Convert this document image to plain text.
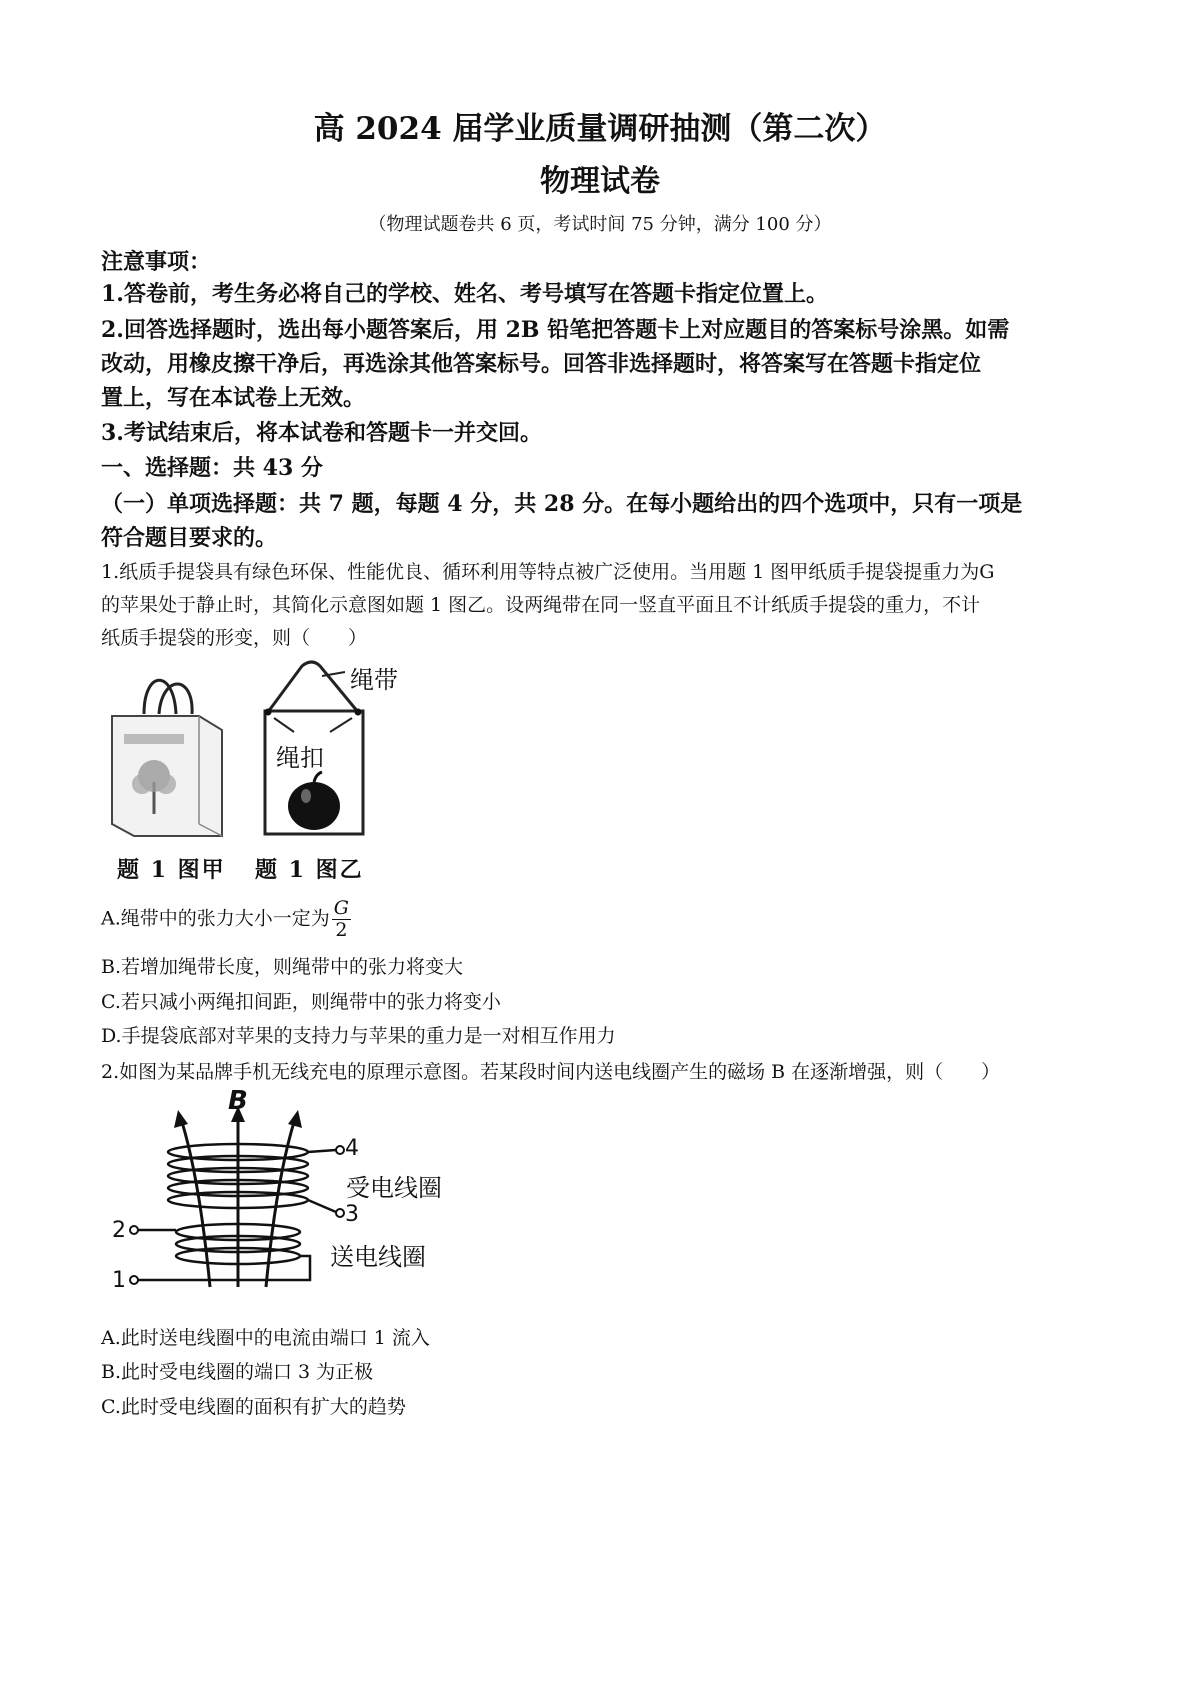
高 2024 届学业质量调研抽测（第二次）
物理试卷
（物理试题卷共 6 页，考试时间 75 分钟，满分 100 分）
注意事项：
1.答卷前，考生务必将自己的学校、姓名、考号填写在答题卡指定位置上。
2.回答选择题时，选出每小题答案后，用 2B 铅笔把答题卡上对应题目的答案标号涂黑。如需
改动，用橡皮擦干净后，再选涂其他答案标号。回答非选择题时，将答案写在答题卡指定位
置上，写在本试卷上无效。
3.考试结束后，将本试卷和答题卡一并交回。
一、选择题：共 43 分
（一）单项选择题：共 7 题，每题 4 分，共 28 分。在每小题给出的四个选项中，只有一项是
符合题目要求的。
1.纸质手提袋具有绿色环保、性能优良、循环利用等特点被广泛使用。当用题 1 图甲纸质手提袋提重力为G
的苹果处于静止时，其简化示意图如题 1 图乙。设两绳带在同一竖直平面且不计纸质手提袋的重力，不计
纸质手提袋的形变，则（　　）
绳带
绳扣
题 1 图甲 题 1 图乙
A.绳带中的张力大小一定为 $\frac{G}{2}$
B.若增加绳带长度，则绳带中的张力将变大
C.若只减小两绳扣间距，则绳带中的张力将变小
D.手提袋底部对苹果的支持力与苹果的重力是一对相互作用力
2.如图为某品牌手机无线充电的原理示意图。若某段时间内送电线圈产生的磁场 B 在逐渐增强，则（　　）
B
4
3
2
1
受电线圈
送电线圈
A.此时送电线圈中的电流由端口 1 流入
B.此时受电线圈的端口 3 为正极
C.此时受电线圈的面积有扩大的趋势
